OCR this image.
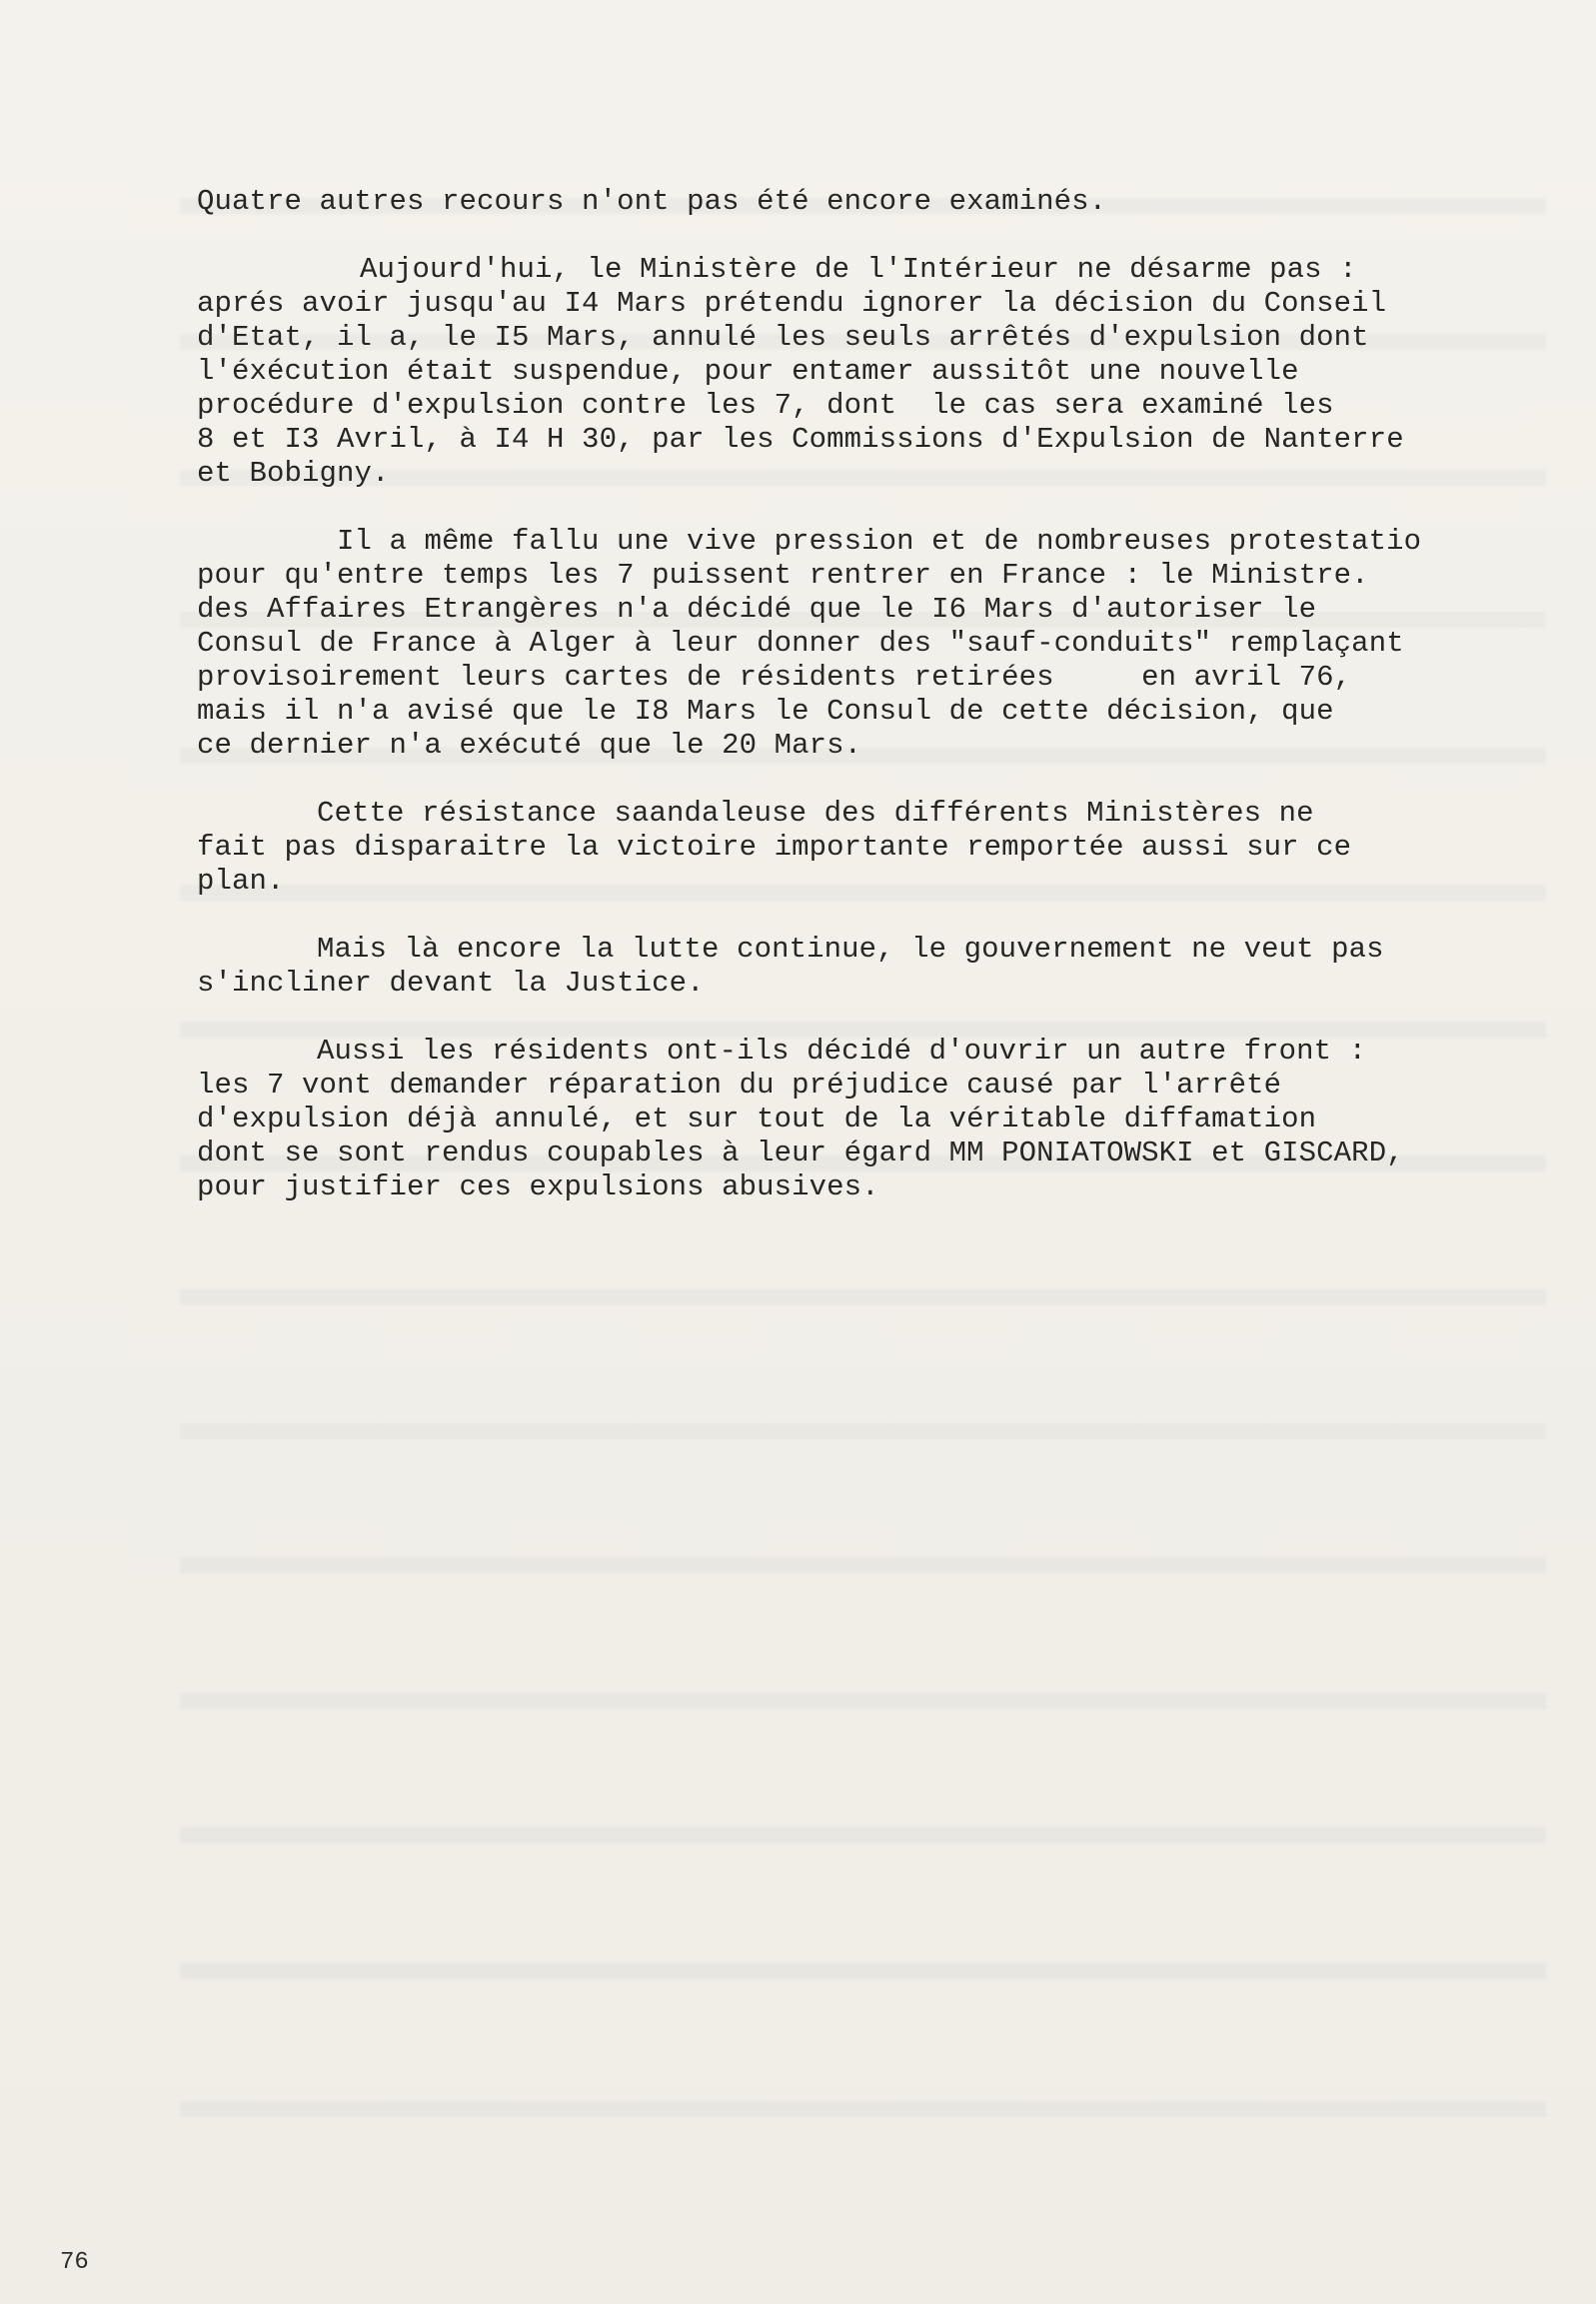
Quatre autres recours n'ont pas été encore examinés.
Aujourd'hui, le Ministère de l'Intérieur ne désarme pas :
aprés avoir jusqu'au I4 Mars prétendu ignorer la décision du Conseil
d'Etat, il a, le I5 Mars, annulé les seuls arrêtés d'expulsion dont
l'éxécution était suspendue, pour entamer aussitôt une nouvelle
procédure d'expulsion contre les 7, dont  le cas sera examiné les
8 et I3 Avril, à I4 H 30, par les Commissions d'Expulsion de Nanterre
et Bobigny.
Il a même fallu une vive pression et de nombreuses protestatio
pour qu'entre temps les 7 puissent rentrer en France : le Ministre.
des Affaires Etrangères n'a décidé que le I6 Mars d'autoriser le
Consul de France à Alger à leur donner des "sauf-conduits" remplaçant
provisoirement leurs cartes de résidents retirées     en avril 76,
mais il n'a avisé que le I8 Mars le Consul de cette décision, que
ce dernier n'a exécuté que le 20 Mars.
Cette résistance saandaleuse des différents Ministères ne
fait pas disparaitre la victoire importante remportée aussi sur ce
plan.
Mais là encore la lutte continue, le gouvernement ne veut pas
s'incliner devant la Justice.
Aussi les résidents ont-ils décidé d'ouvrir un autre front :
les 7 vont demander réparation du préjudice causé par l'arrêté
d'expulsion déjà annulé, et sur tout de la véritable diffamation
dont se sont rendus coupables à leur égard MM PONIATOWSKI et GISCARD,
pour justifier ces expulsions abusives.
76
